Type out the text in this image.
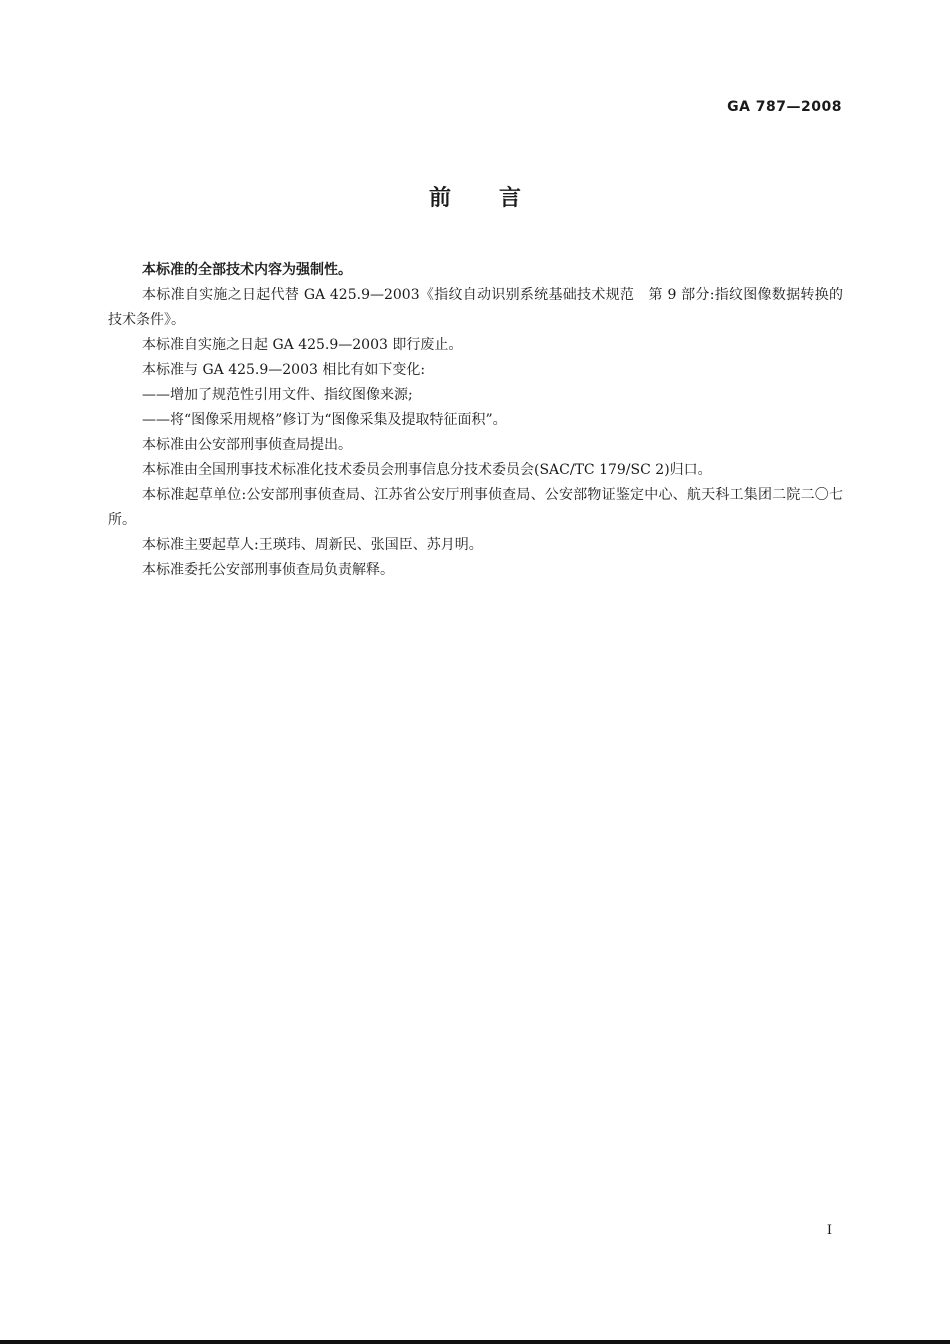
GA 787—2008
前言

本标准的全部技术内容为强制性。

本标准自实施之日起代替 GA 425.9—2003《指纹自动识别系统基础技术规范　第 9 部分:指纹图像数据转换的技术条件》。

本标准自实施之日起 GA 425.9—2003 即行废止。

本标准与 GA 425.9—2003 相比有如下变化:

——增加了规范性引用文件、指纹图像来源;

——将“图像采用规格”修订为“图像采集及提取特征面积”。

本标准由公安部刑事侦查局提出。

本标准由全国刑事技术标准化技术委员会刑事信息分技术委员会(SAC/TC 179/SC 2)归口。

本标准起草单位:公安部刑事侦查局、江苏省公安厅刑事侦查局、公安部物证鉴定中心、航天科工集团二院二〇七所。

本标准主要起草人:王瑛玮、周新民、张国臣、苏月明。

本标准委托公安部刑事侦查局负责解释。

I
